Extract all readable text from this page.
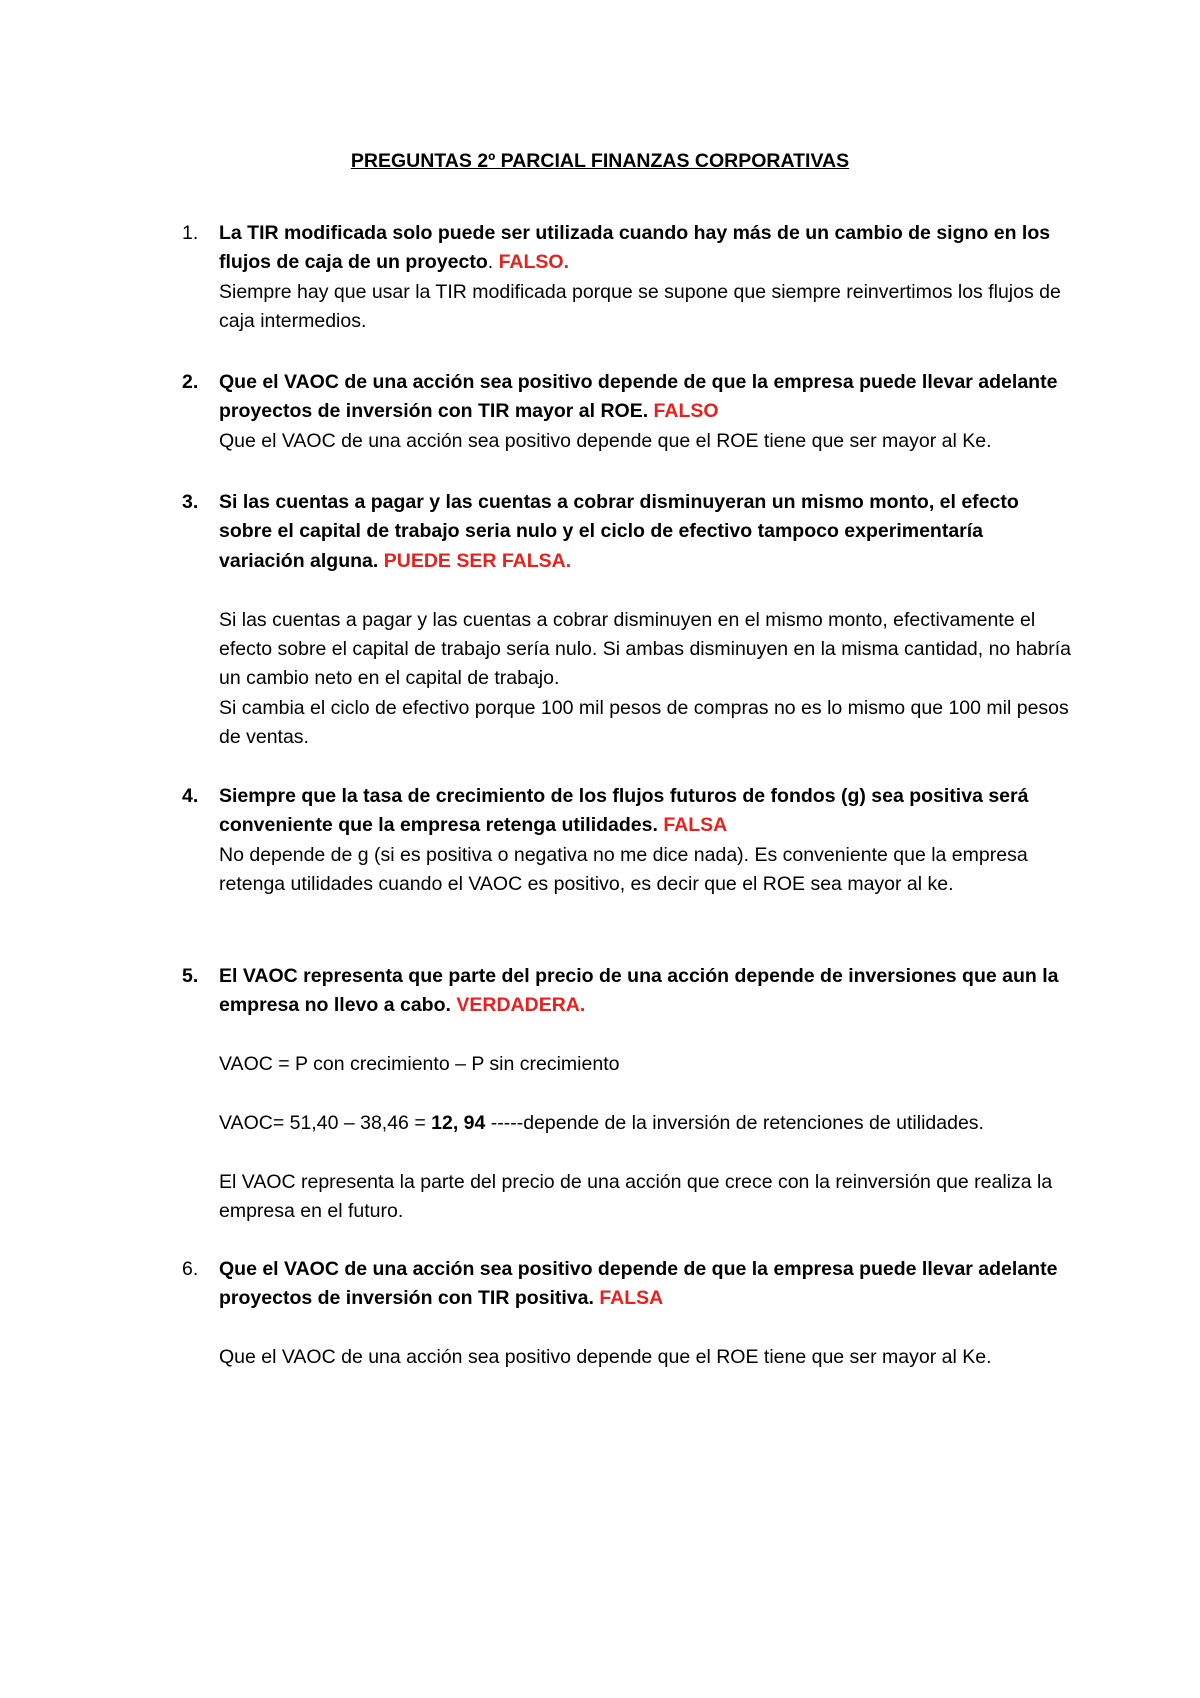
PREGUNTAS 2º PARCIAL FINANZAS CORPORATIVAS
1.	La TIR modificada solo puede ser utilizada cuando hay más de un cambio de signo en los flujos de caja de un proyecto. FALSO.

Siempre hay que usar la TIR modificada porque se supone que siempre reinvertimos los flujos de caja intermedios.

2.	Que el VAOC de una acción sea positivo depende de que la empresa puede llevar adelante proyectos de inversión con TIR mayor al ROE. FALSO

Que el VAOC de una acción sea positivo depende que el ROE tiene que ser mayor al Ke.

3.	Si las cuentas a pagar y las cuentas a cobrar disminuyeran un mismo monto, el efecto sobre el capital de trabajo seria nulo y el ciclo de efectivo tampoco experimentaría variación alguna. PUEDE SER FALSA.

Si las cuentas a pagar y las cuentas a cobrar disminuyen en el mismo monto, efectivamente el efecto sobre el capital de trabajo sería nulo. Si ambas disminuyen en la misma cantidad, no habría un cambio neto en el capital de trabajo.

Si cambia el ciclo de efectivo porque 100 mil pesos de compras no es lo mismo que 100 mil pesos de ventas.

4.	Siempre que la tasa de crecimiento de los flujos futuros de fondos (g) sea positiva será conveniente que la empresa retenga utilidades. FALSA

No depende de g (si es positiva o negativa no me dice nada). Es conveniente que la empresa retenga utilidades cuando el VAOC es positivo, es decir que el ROE sea mayor al ke.

5.	El VAOC representa que parte del precio de una acción depende de inversiones que aun la empresa no llevo a cabo. VERDADERA.

VAOC = P con crecimiento – P sin crecimiento

VAOC= 51,40 – 38,46 = 12, 94 -----depende de la inversión de retenciones de utilidades.

El VAOC representa la parte del precio de una acción que crece con la reinversión que realiza la empresa en el futuro.

6.	Que el VAOC de una acción sea positivo depende de que la empresa puede llevar adelante proyectos de inversión con TIR positiva. FALSA

Que el VAOC de una acción sea positivo depende que el ROE tiene que ser mayor al Ke.
